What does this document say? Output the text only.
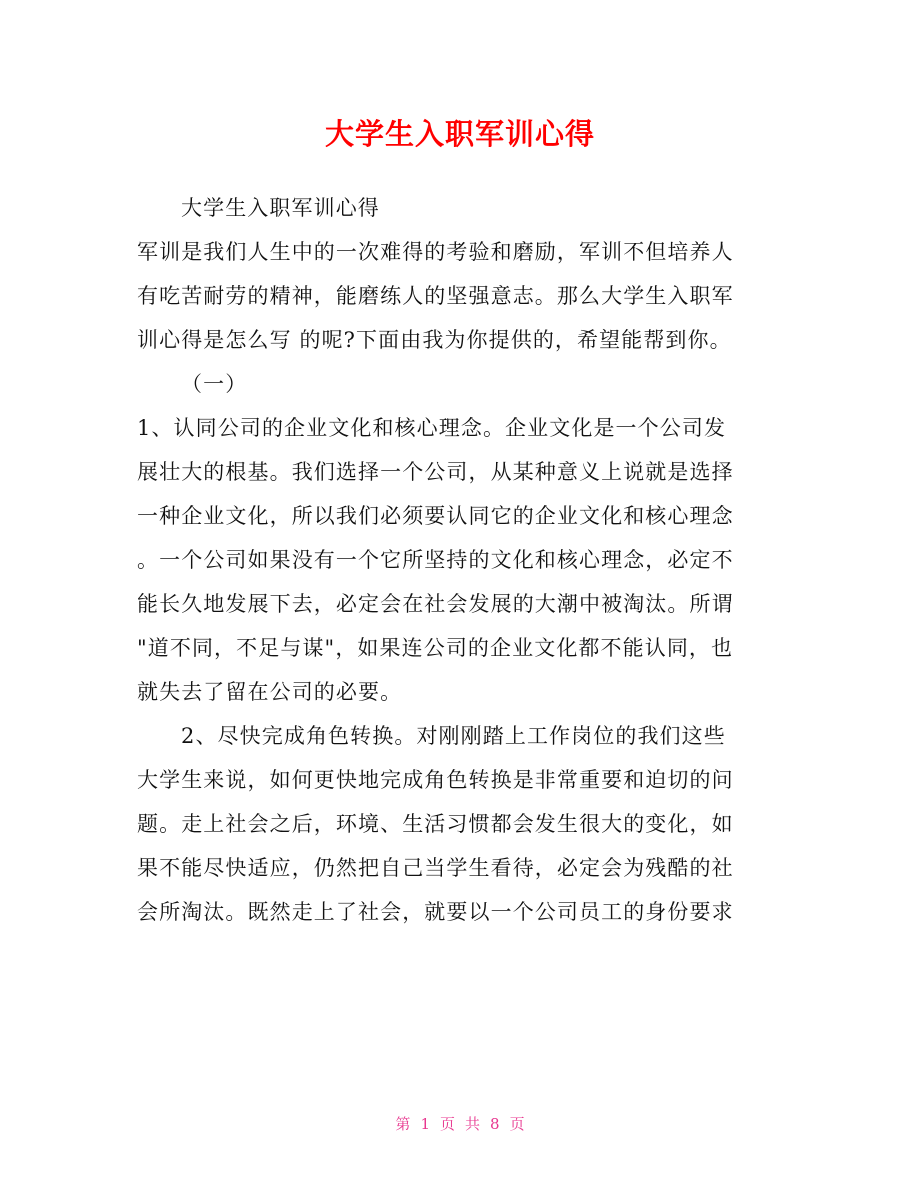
大学生入职军训心得
大学生入职军训心得
军训是我们人生中的一次难得的考验和磨励，军训不但培养人
有吃苦耐劳的精神，能磨练人的坚强意志。那么大学生入职军
训心得是怎么写 的呢?下面由我为你提供的，希望能帮到你。
（一）
1、认同公司的企业文化和核心理念。企业文化是一个公司发
展壮大的根基。我们选择一个公司，从某种意义上说就是选择
一种企业文化，所以我们必须要认同它的企业文化和核心理念
。一个公司如果没有一个它所坚持的文化和核心理念，必定不
能长久地发展下去，必定会在社会发展的大潮中被淘汰。所谓
"道不同，不足与谋"，如果连公司的企业文化都不能认同，也
就失去了留在公司的必要。
2、尽快完成角色转换。对刚刚踏上工作岗位的我们这些
大学生来说，如何更快地完成角色转换是非常重要和迫切的问
题。走上社会之后，环境、生活习惯都会发生很大的变化，如
果不能尽快适应，仍然把自己当学生看待，必定会为残酷的社
会所淘汰。既然走上了社会，就要以一个公司员工的身份要求
第 1 页 共 8 页
